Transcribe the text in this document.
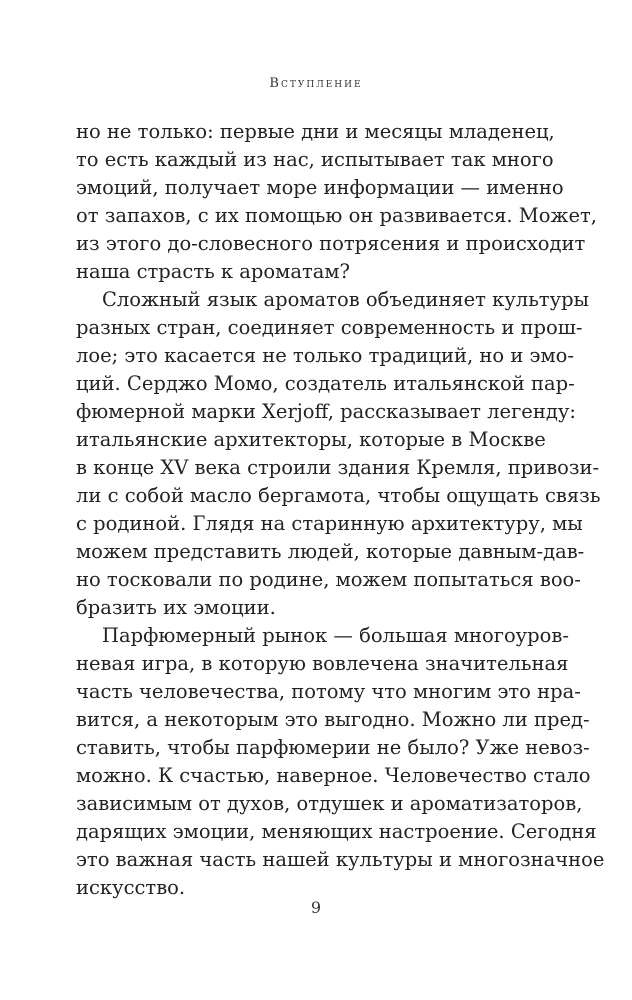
Вступление
но не только: первые дни и месяцы младенец,
то есть каждый из нас, испытывает так много
эмоций, получает море информации — именно
от запахов, с их помощью он развивается. Может,
из этого до-словесного потрясения и происходит
наша страсть к ароматам?
Сложный язык ароматов объединяет культуры
разных стран, соединяет современность и прош-
лое; это касается не только традиций, но и эмо-
ций. Серджо Момо, создатель итальянской пар-
фюмерной марки Xerjoff, рассказывает легенду:
итальянские архитекторы, которые в Москве
в конце XV века строили здания Кремля, привози-
ли с собой масло бергамота, чтобы ощущать связь
с родиной. Глядя на старинную архитектуру, мы
можем представить людей, которые давным-дав-
но тосковали по родине, можем попытаться воо-
бразить их эмоции.
Парфюмерный рынок — большая многоуров-
невая игра, в которую вовлечена значительная
часть человечества, потому что многим это нра-
вится, а некоторым это выгодно. Можно ли пред-
ставить, чтобы парфюмерии не было? Уже невоз-
можно. К счастью, наверное. Человечество стало
зависимым от духов, отдушек и ароматизаторов,
дарящих эмоции, меняющих настроение. Сегодня
это важная часть нашей культуры и многозначное
искусство.
9
